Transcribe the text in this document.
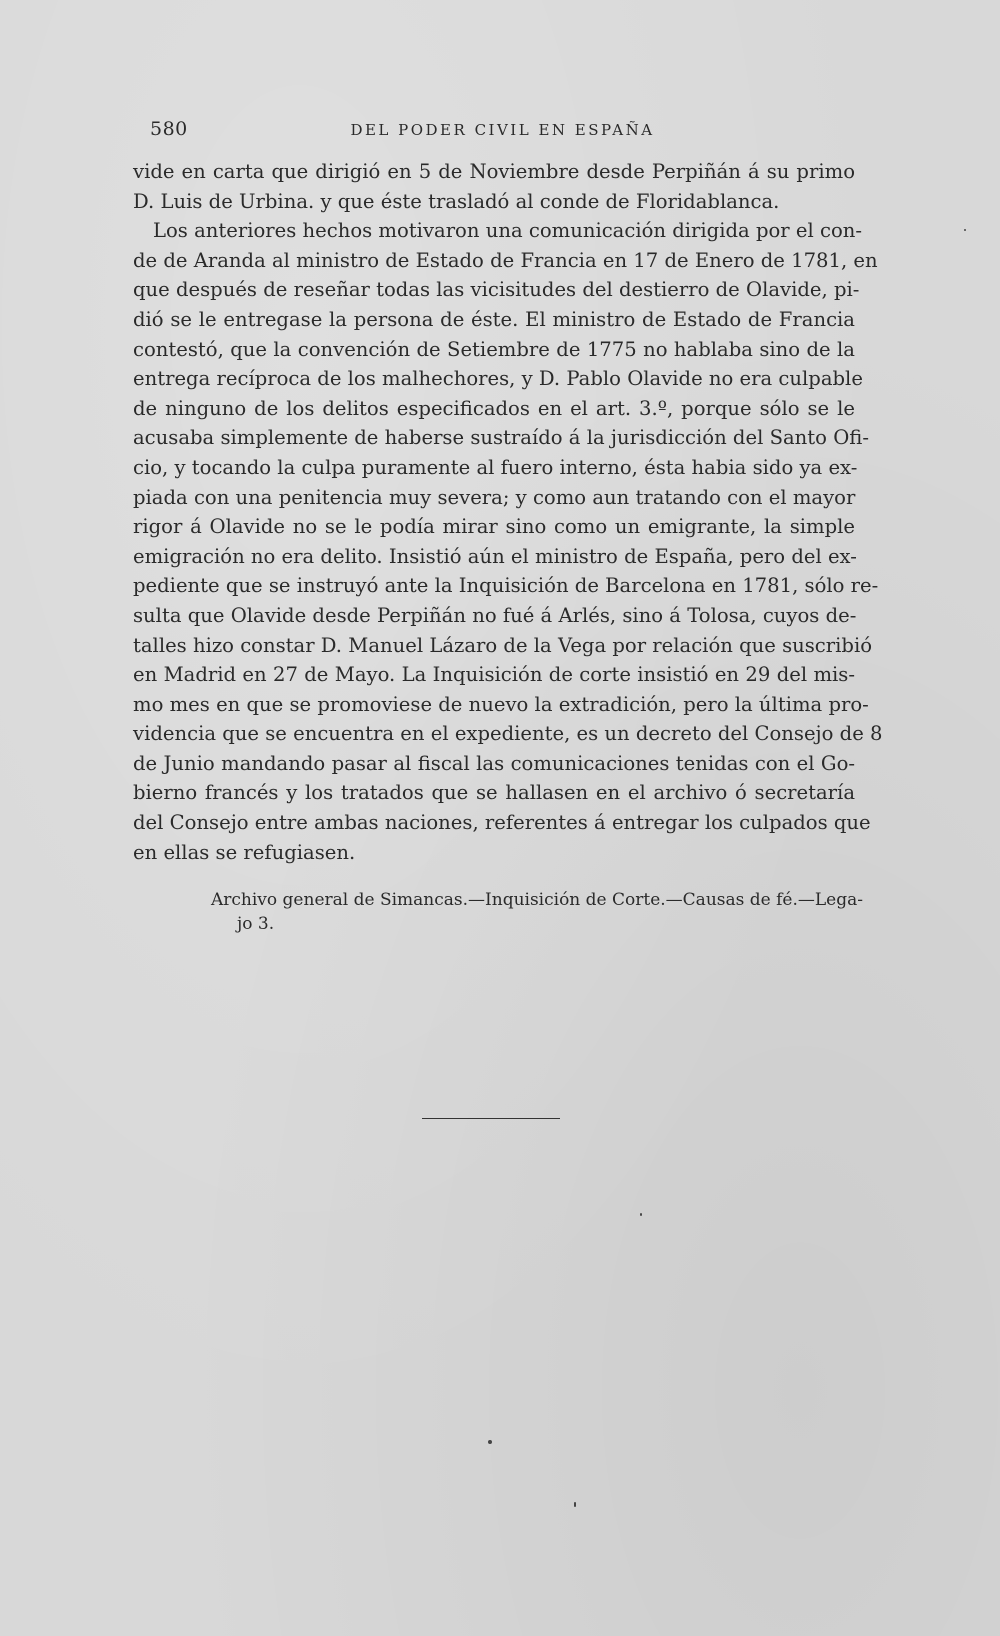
580	DEL PODER CIVIL EN ESPAÑA
vide en carta que dirigió en 5 de Noviembre desde Perpiñán á su primo
D. Luis de Urbina. y que éste trasladó al conde de Floridablanca.
Los anteriores hechos motivaron una comunicación dirigida por el con-
de de Aranda al ministro de Estado de Francia en 17 de Enero de 1781, en
que después de reseñar todas las vicisitudes del destierro de Olavide, pi-
dió se le entregase la persona de éste. El ministro de Estado de Francia
contestó, que la convención de Setiembre de 1775 no hablaba sino de la
entrega recíproca de los malhechores, y D. Pablo Olavide no era culpable
de ninguno de los delitos especificados en el art. 3.º, porque sólo se le
acusaba simplemente de haberse sustraído á la jurisdicción del Santo Ofi-
cio, y tocando la culpa puramente al fuero interno, ésta habia sido ya ex-
piada con una penitencia muy severa; y como aun tratando con el mayor
rigor á Olavide no se le podía mirar sino como un emigrante, la simple
emigración no era delito. Insistió aún el ministro de España, pero del ex-
pediente que se instruyó ante la Inquisición de Barcelona en 1781, sólo re-
sulta que Olavide desde Perpiñán no fué á Arlés, sino á Tolosa, cuyos de-
talles hizo constar D. Manuel Lázaro de la Vega por relación que suscribió
en Madrid en 27 de Mayo. La Inquisición de corte insistió en 29 del mis-
mo mes en que se promoviese de nuevo la extradición, pero la última pro-
videncia que se encuentra en el expediente, es un decreto del Consejo de 8
de Junio mandando pasar al fiscal las comunicaciones tenidas con el Go-
bierno francés y los tratados que se hallasen en el archivo ó secretaría
del Consejo entre ambas naciones, referentes á entregar los culpados que
en ellas se refugiasen.
Archivo general de Simancas.—Inquisición de Corte.—Causas de fé.—Lega-
jo 3.
